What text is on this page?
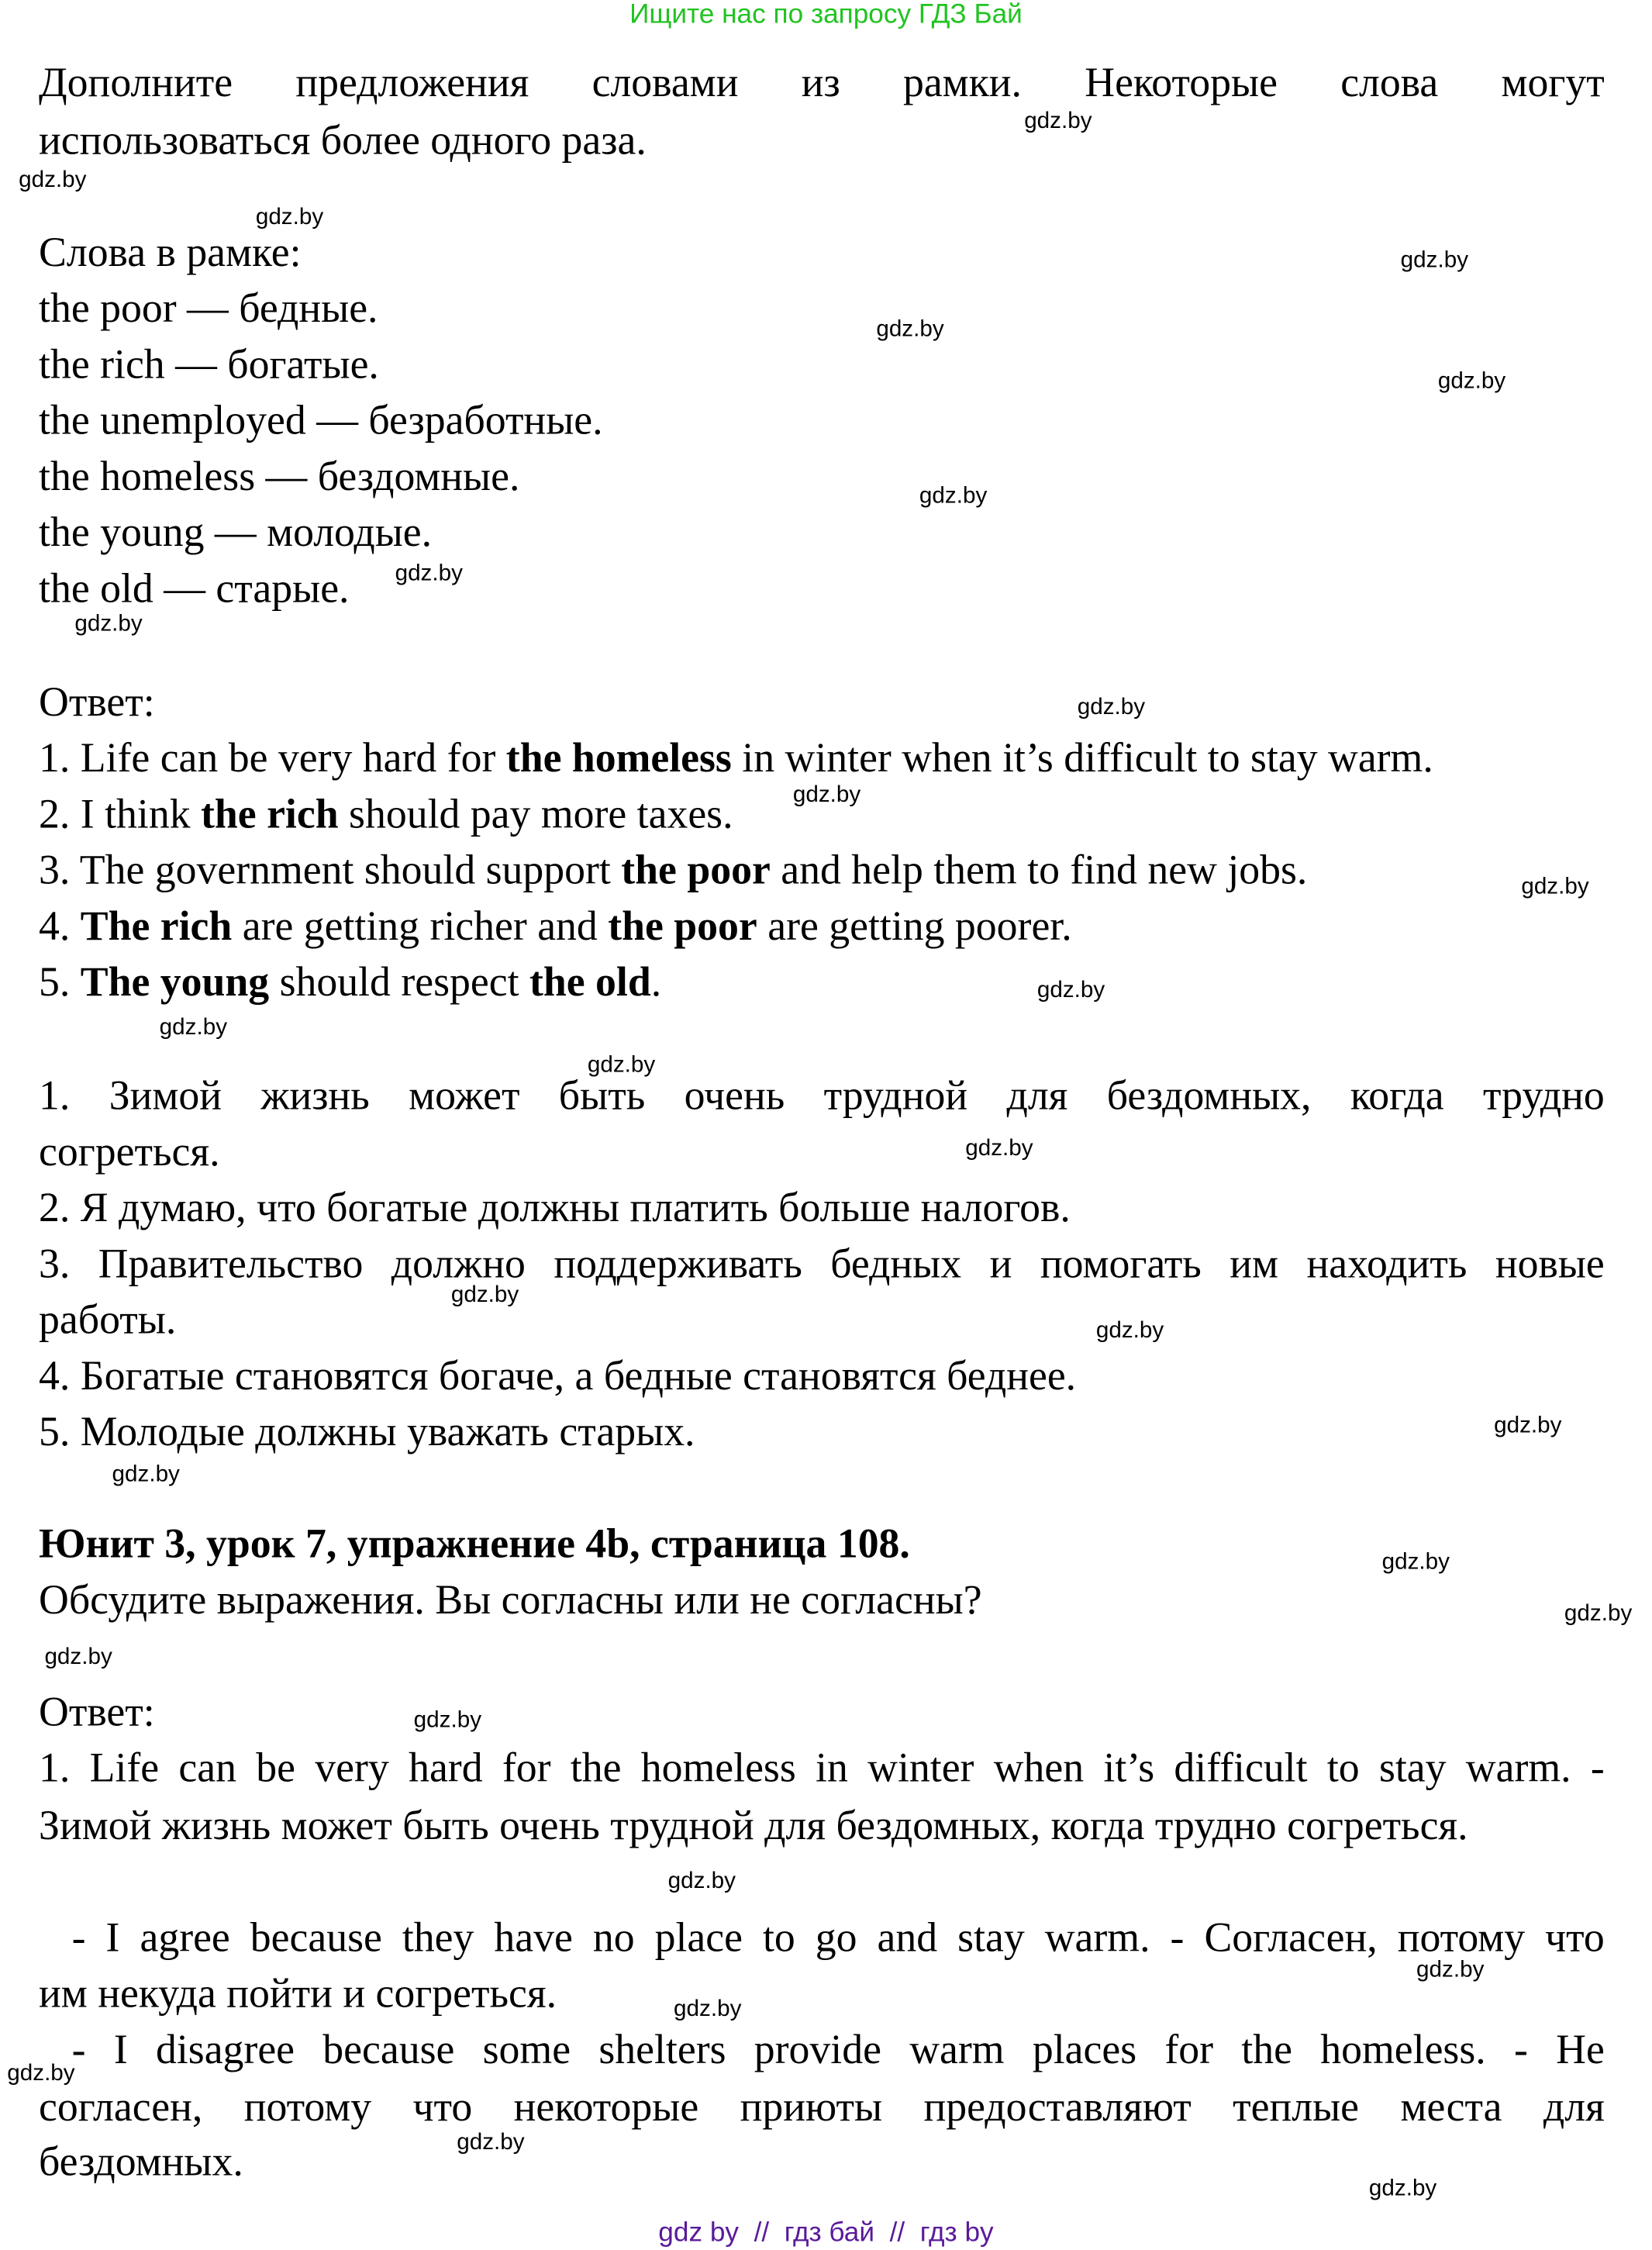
Ищите нас по запросу ГДЗ Бай
Дополните предложения словами из рамки. Некоторые слова могут
использоваться более одного раза.
Слова в рамке:
the poor — бедные.
the rich — богатые.
the unemployed — безработные.
the homeless — бездомные.
the young — молодые.
the old — старые.
Ответ:
1. Life can be very hard for the homeless in winter when it’s difficult to stay warm.
2. I think the rich should pay more taxes.
3. The government should support the poor and help them to find new jobs.
4. The rich are getting richer and the poor are getting poorer.
5. The young should respect the old.
1. Зимой жизнь может быть очень трудной для бездомных, когда трудно
согреться.
2. Я думаю, что богатые должны платить больше налогов.
3. Правительство должно поддерживать бедных и помогать им находить новые
работы.
4. Богатые становятся богаче, а бедные становятся беднее.
5. Молодые должны уважать старых.
Юнит 3, урок 7, упражнение 4b, страница 108.
Обсудите выражения. Вы согласны или не согласны?
Ответ:
1. Life can be very hard for the homeless in winter when it’s difficult to stay warm. -
Зимой жизнь может быть очень трудной для бездомных, когда трудно согреться.
- I agree because they have no place to go and stay warm. - Согласен, потому что
им некуда пойти и согреться.
- I disagree because some shelters provide warm places for the homeless. - Не
согласен, потому что некоторые приюты предоставляют теплые места для
бездомных.
gdz by  //  гдз бай  //  гдз by
gdz.by
gdz.by
gdz.by
gdz.by
gdz.by
gdz.by
gdz.by
gdz.by
gdz.by
gdz.by
gdz.by
gdz.by
gdz.by
gdz.by
gdz.by
gdz.by
gdz.by
gdz.by
gdz.by
gdz.by
gdz.by
gdz.by
gdz.by
gdz.by
gdz.by
gdz.by
gdz.by
gdz.by
gdz.by
gdz.by
